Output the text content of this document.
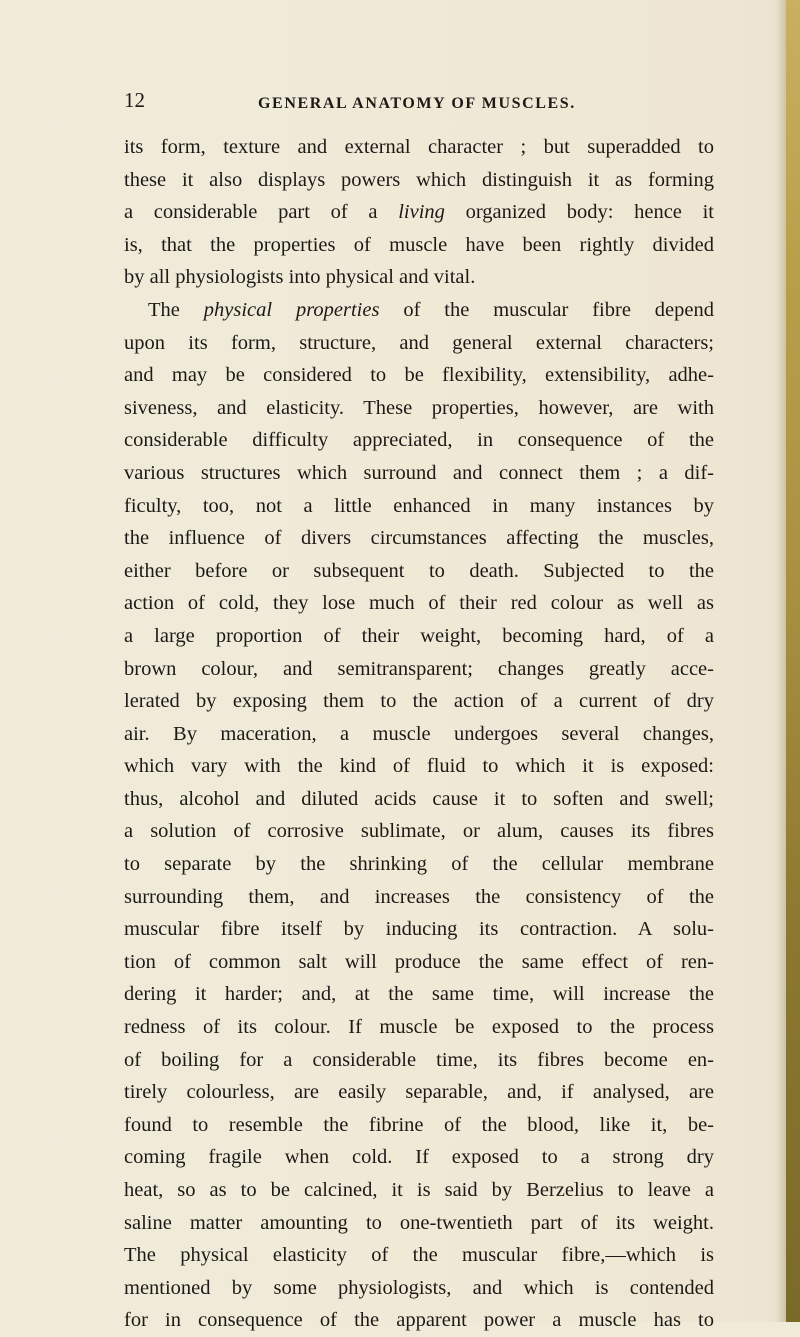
12	GENERAL ANATOMY OF MUSCLES.

its form, texture and external character ; but superadded to
these it also displays powers which distinguish it as forming
a considerable part of a living organized body: hence it
is, that the properties of muscle have been rightly divided
by all physiologists into physical and vital.
The physical properties of the muscular fibre depend
upon its form, structure, and general external characters;
and may be considered to be flexibility, extensibility, adhe-
siveness, and elasticity. These properties, however, are with
considerable difficulty appreciated, in consequence of the
various structures which surround and connect them ; a dif-
ficulty, too, not a little enhanced in many instances by
the influence of divers circumstances affecting the muscles,
either before or subsequent to death. Subjected to the
action of cold, they lose much of their red colour as well as
a large proportion of their weight, becoming hard, of a
brown colour, and semitransparent; changes greatly acce-
lerated by exposing them to the action of a current of dry
air. By maceration, a muscle undergoes several changes,
which vary with the kind of fluid to which it is exposed:
thus, alcohol and diluted acids cause it to soften and swell;
a solution of corrosive sublimate, or alum, causes its fibres
to separate by the shrinking of the cellular membrane
surrounding them, and increases the consistency of the
muscular fibre itself by inducing its contraction. A solu-
tion of common salt will produce the same effect of ren-
dering it harder; and, at the same time, will increase the
redness of its colour. If muscle be exposed to the process
of boiling for a considerable time, its fibres become en-
tirely colourless, are easily separable, and, if analysed, are
found to resemble the fibrine of the blood, like it, be-
coming fragile when cold. If exposed to a strong dry
heat, so as to be calcined, it is said by Berzelius to leave a
saline matter amounting to one-twentieth part of its weight.
The physical elasticity of the muscular fibre,—which is
mentioned by some physiologists, and which is contended
for in consequence of the apparent power a muscle has to
